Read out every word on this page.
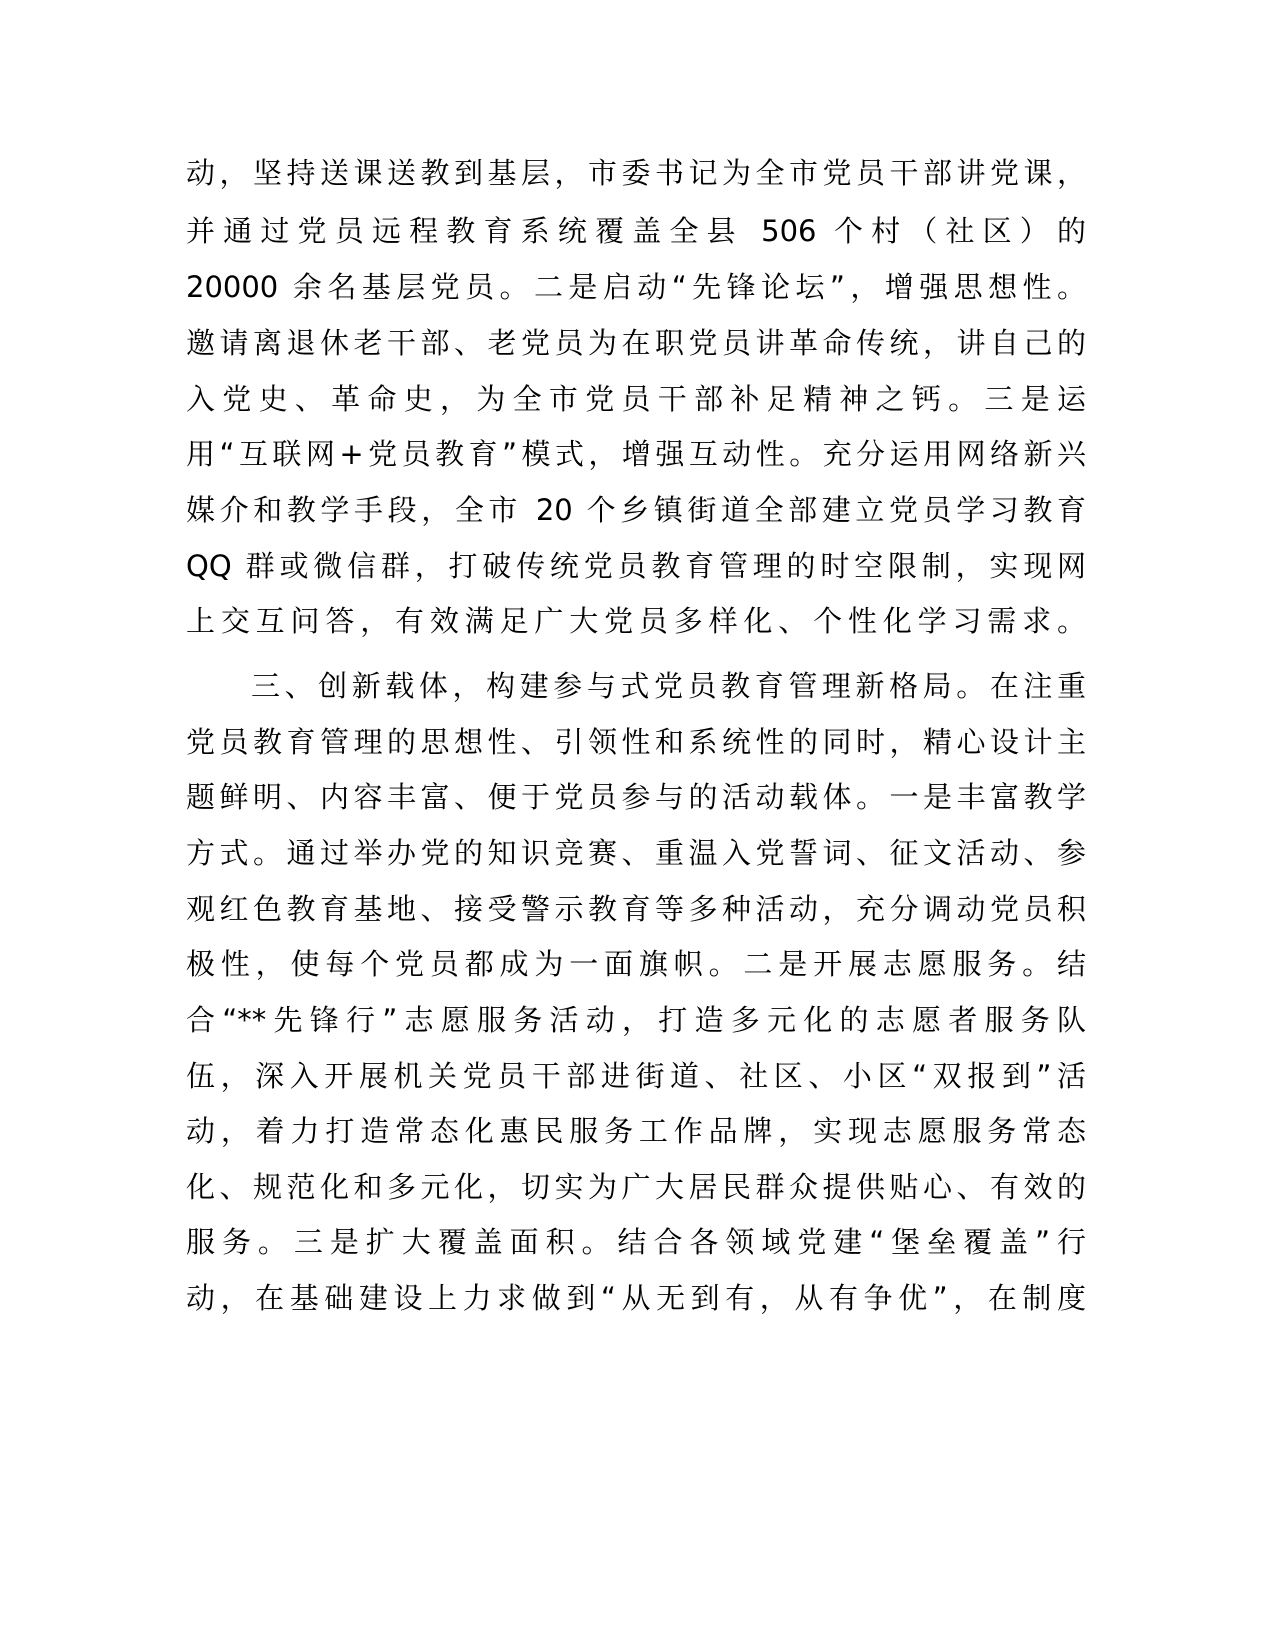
动，坚持送课送教到基层，市委书记为全市党员干部讲党课，

并通过党员远程教育系统覆盖全县 506 个村（社区）的

20000 余名基层党员。二是启动“先锋论坛”，增强思想性。

邀请离退休老干部、老党员为在职党员讲革命传统，讲自己的

入党史、革命史，为全市党员干部补足精神之钙。三是运

用“互联网+党员教育”模式，增强互动性。充分运用网络新兴

媒介和教学手段，全市 20 个乡镇街道全部建立党员学习教育

QQ 群或微信群，打破传统党员教育管理的时空限制，实现网

上交互问答，有效满足广大党员多样化、个性化学习需求。

三、创新载体，构建参与式党员教育管理新格局。在注重

党员教育管理的思想性、引领性和系统性的同时，精心设计主

题鲜明、内容丰富、便于党员参与的活动载体。一是丰富教学

方式。通过举办党的知识竞赛、重温入党誓词、征文活动、参

观红色教育基地、接受警示教育等多种活动，充分调动党员积

极性，使每个党员都成为一面旗帜。二是开展志愿服务。结

合“**先锋行”志愿服务活动，打造多元化的志愿者服务队

伍，深入开展机关党员干部进街道、社区、小区“双报到”活

动，着力打造常态化惠民服务工作品牌，实现志愿服务常态

化、规范化和多元化，切实为广大居民群众提供贴心、有效的

服务。三是扩大覆盖面积。结合各领域党建“堡垒覆盖”行

动，在基础建设上力求做到“从无到有，从有争优”，在制度
